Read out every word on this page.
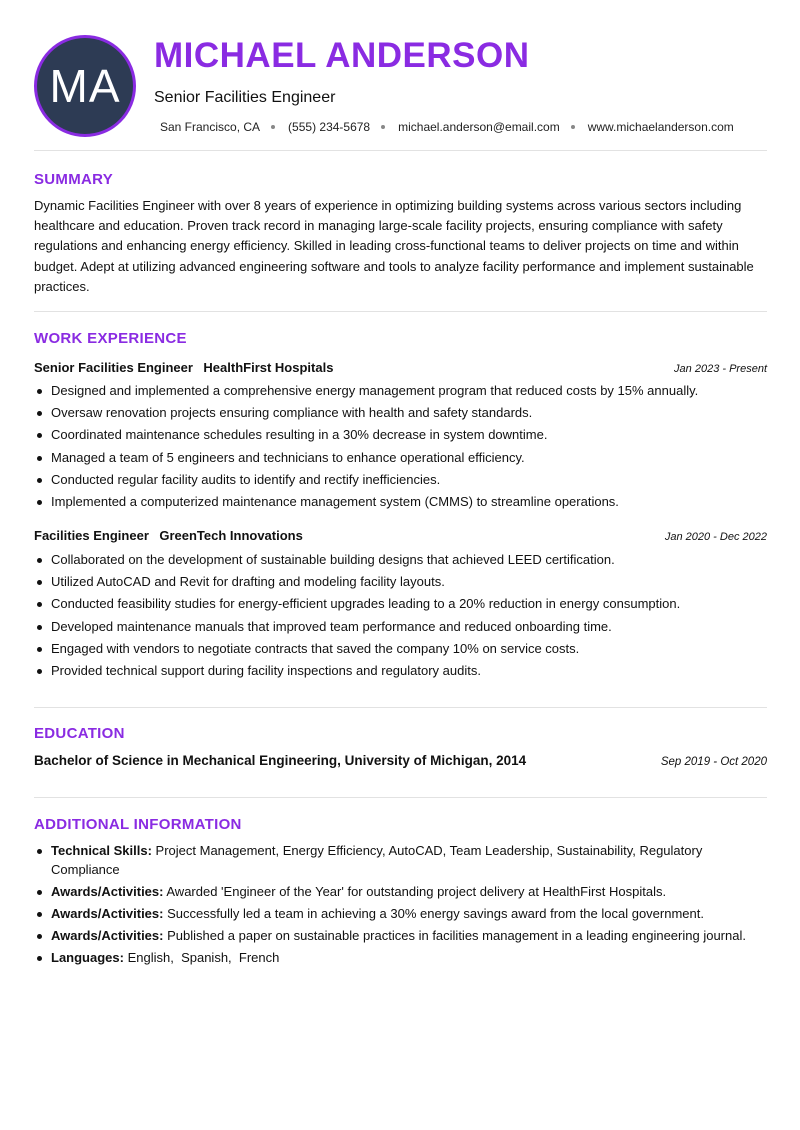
MA
MICHAEL ANDERSON
Senior Facilities Engineer
San Francisco, CA (555) 234-5678 michael.anderson@email.com www.michaelanderson.com
SUMMARY
Dynamic Facilities Engineer with over 8 years of experience in optimizing building systems across various sectors including healthcare and education. Proven track record in managing large-scale facility projects, ensuring compliance with safety regulations and enhancing energy efficiency. Skilled in leading cross-functional teams to deliver projects on time and within budget. Adept at utilizing advanced engineering software and tools to analyze facility performance and implement sustainable practices.
WORK EXPERIENCE
Senior Facilities Engineer HealthFirst Hospitals	Jan 2023 - Present
Designed and implemented a comprehensive energy management program that reduced costs by 15% annually.
Oversaw renovation projects ensuring compliance with health and safety standards.
Coordinated maintenance schedules resulting in a 30% decrease in system downtime.
Managed a team of 5 engineers and technicians to enhance operational efficiency.
Conducted regular facility audits to identify and rectify inefficiencies.
Implemented a computerized maintenance management system (CMMS) to streamline operations.
Facilities Engineer GreenTech Innovations	Jan 2020 - Dec 2022
Collaborated on the development of sustainable building designs that achieved LEED certification.
Utilized AutoCAD and Revit for drafting and modeling facility layouts.
Conducted feasibility studies for energy-efficient upgrades leading to a 20% reduction in energy consumption.
Developed maintenance manuals that improved team performance and reduced onboarding time.
Engaged with vendors to negotiate contracts that saved the company 10% on service costs.
Provided technical support during facility inspections and regulatory audits.
EDUCATION
Bachelor of Science in Mechanical Engineering, University of Michigan, 2014	Sep 2019 - Oct 2020
ADDITIONAL INFORMATION
Technical Skills: Project Management, Energy Efficiency, AutoCAD, Team Leadership, Sustainability, Regulatory Compliance
Awards/Activities: Awarded 'Engineer of the Year' for outstanding project delivery at HealthFirst Hospitals.
Awards/Activities: Successfully led a team in achieving a 30% energy savings award from the local government.
Awards/Activities: Published a paper on sustainable practices in facilities management in a leading engineering journal.
Languages: English,  Spanish,  French
